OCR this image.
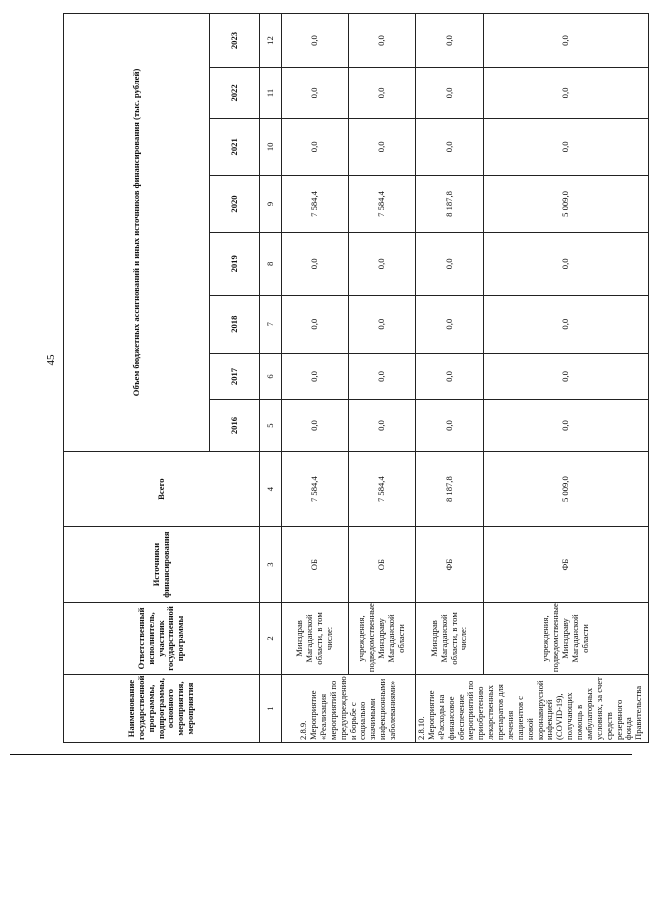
45
Наименование государственной программы, подпрограммы, основного мероприятия, мероприятия	Ответственный исполнитель, участник государственной программы	Источники финансирования	Всего	Объем бюджетных ассигнований и иных источников финансирования (тыс. рублей)							
				2016	2017	2018	2019	2020	2021	2022	2023
1	2	3	4	5	6	7	8	9	10	11	12
2.8.9. Мероприятие «Реализация мероприятий по предупреждению и борьбе с социально значимыми инфекционными заболеваниями»	Минздрав Магаданской области, в том числе:	ОБ	7 584,4	0,0	0,0	0,0	0,0	7 584,4	0,0	0,0	0,0
	учреждения, подведомственные Минздраву Магаданской области	ОБ	7 584,4	0,0	0,0	0,0	0,0	7 584,4	0,0	0,0	0,0
2.8.10. Мероприятие «Расходы на финансовое обеспечение мероприятий по приобретению лекарственных препаратов для лечения пациентов с новой коронавирусной инфекцией (COVID-19), получающих помощь в амбулаторных условиях, за счет средств резервного фонда Правительства	Минздрав Магаданской области, в том числе:	ФБ	8 187,8	0,0	0,0	0,0	0,0	8 187,8	0,0	0,0	0,0
	учреждения, подведомственные Минздраву Магаданской области	ФБ	5 009,0	0,0	0,0	0,0	0,0	5 009,0	0,0	0,0	0,0
